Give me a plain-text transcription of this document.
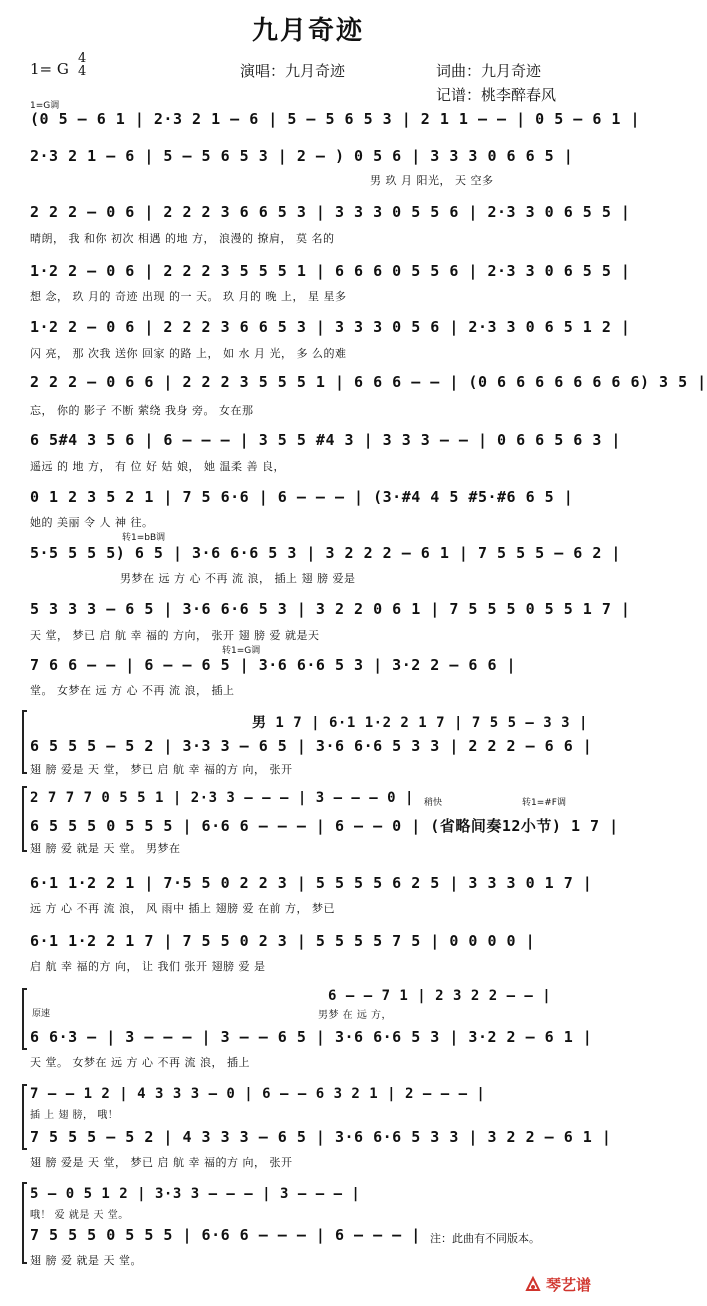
九月奇迹
1= G
4
4	演唱：九月奇迹	词曲：九月奇迹
记谱：桃李醉春风
1=G调
(0 5 – 6 1 | 2·3 2 1 – 6 | 5 – 5 6 5 3 | 2 1 1 – – | 0 5 – 6 1 |
2·3 2 1 – 6 | 5 – 5 6 5 3 | 2 – ) 0 5 6 | 3 3 3 0 6 6 5 |
男 玖 月 阳光， 天 空多
2 2 2 – 0 6 | 2 2 2 3 6 6 5 3 | 3 3 3 0 5 5 6 | 2·3 3 0 6 5 5 |
晴朗， 我 和你 初次 相遇 的地 方， 浪漫的 撩肩， 莫 名的
1·2 2 – 0 6 | 2 2 2 3 5 5 5 1 | 6 6 6 0 5 5 6 | 2·3 3 0 6 5 5 |
想 念， 玖 月的 奇迹 出现 的一 天。 玖 月的 晚 上， 星 星多
1·2 2 – 0 6 | 2 2 2 3 6 6 5 3 | 3 3 3 0 5 6 | 2·3 3 0 6 5 1 2 |
闪 亮， 那 次我 送你 回家 的路 上， 如 水 月 光， 多 么的难
2 2 2 – 0 6 6 | 2 2 2 3 5 5 5 1 | 6 6 6 – – | (0 6 6 6 6 6 6 6 6) 3 5 |
忘， 你的 影子 不断 萦绕 我身 旁。 女在那
6 5#4 3 5 6 | 6 – – – | 3 5 5 #4 3 | 3 3 3 – – | 0 6 6 5 6 3 |
遥远 的 地 方， 有 位 好 姑 娘， 她 温柔 善 良，
0 1 2 3 5 2 1 | 7 5 6·6 | 6 – – – | (3·#4 4 5 #5·#6 6 5 |
她的 美丽 令 人 神 往。
转1=bB调
5·5 5 5 5) 6 5 | 3·6 6·6 5 3 | 3 2 2 2 – 6 1 | 7 5 5 5 – 6 2 |
男梦在 远 方 心 不再 流 浪， 插上 翅 膀 爱是
5 3 3 3 – 6 5 | 3·6 6·6 5 3 | 3 2 2 0 6 1 | 7 5 5 5 0 5 5 1 7 |
天 堂， 梦已 启 航 幸 福的 方向， 张开 翅 膀 爱 就是天
转1=G调
7 6 6 – – | 6 – – 6 5 | 3·6 6·6 5 3 | 3·2 2 – 6 6 |
堂。 女梦在 远 方 心 不再 流 浪， 插上
男 1 7 | 6·1 1·2 2 1 7 | 7 5 5 – 3 3 |
6 5 5 5 – 5 2 | 3·3 3 – 6 5 | 3·6 6·6 5 3 3 | 2 2 2 – 6 6 |
翅 膀 爱是 天 堂， 梦已 启 航 幸 福的方 向， 张开
2 7 7 7 0 5 5 1 | 2·3 3 – – – | 3 – – – 0 | 稍快	转1=#F调
6 5 5 5 0 5 5 5 | 6·6 6 – – – | 6 – – 0 | (省略间奏12小节) 1 7 |
翅 膀 爱 就是 天 堂。 男梦在
6·1 1·2 2 1 | 7·5 5 0 2 2 3 | 5 5 5 5 6 2 5 | 3 3 3 0 1 7 |
远 方 心 不再 流 浪， 风 雨中 插上 翅膀 爱 在前 方， 梦已
6·1 1·2 2 1 7 | 7 5 5 0 2 3 | 5 5 5 5 7 5 | 0 0 0 0 |
启 航 幸 福的方 向， 让 我们 张开 翅膀 爱 是
原速
6 – – 7 1 | 2 3 2 2 – – |
男梦 在 远 方，
6 6·3 – | 3 – – – | 3 – – 6 5 | 3·6 6·6 5 3 | 3·2 2 – 6 1 |
天 堂。 女梦在 远 方 心 不再 流 浪， 插上
7 – – 1 2 | 4 3 3 3 – 0 | 6 – – 6 3 2 1 | 2 – – – |
插 上 翅 膀， 哦！
7 5 5 5 – 5 2 | 4 3 3 3 – 6 5 | 3·6 6·6 5 3 3 | 3 2 2 – 6 1 |
翅 膀 爱是 天 堂， 梦已 启 航 幸 福的方 向， 张开
5 – 0 5 1 2 | 3·3 3 – – – | 3 – – – |
哦！ 爱 就是 天 堂。
7 5 5 5 0 5 5 5 | 6·6 6 – – – | 6 – – – |
翅 膀 爱 就是 天 堂。
注：此曲有不同版本。
琴艺谱
